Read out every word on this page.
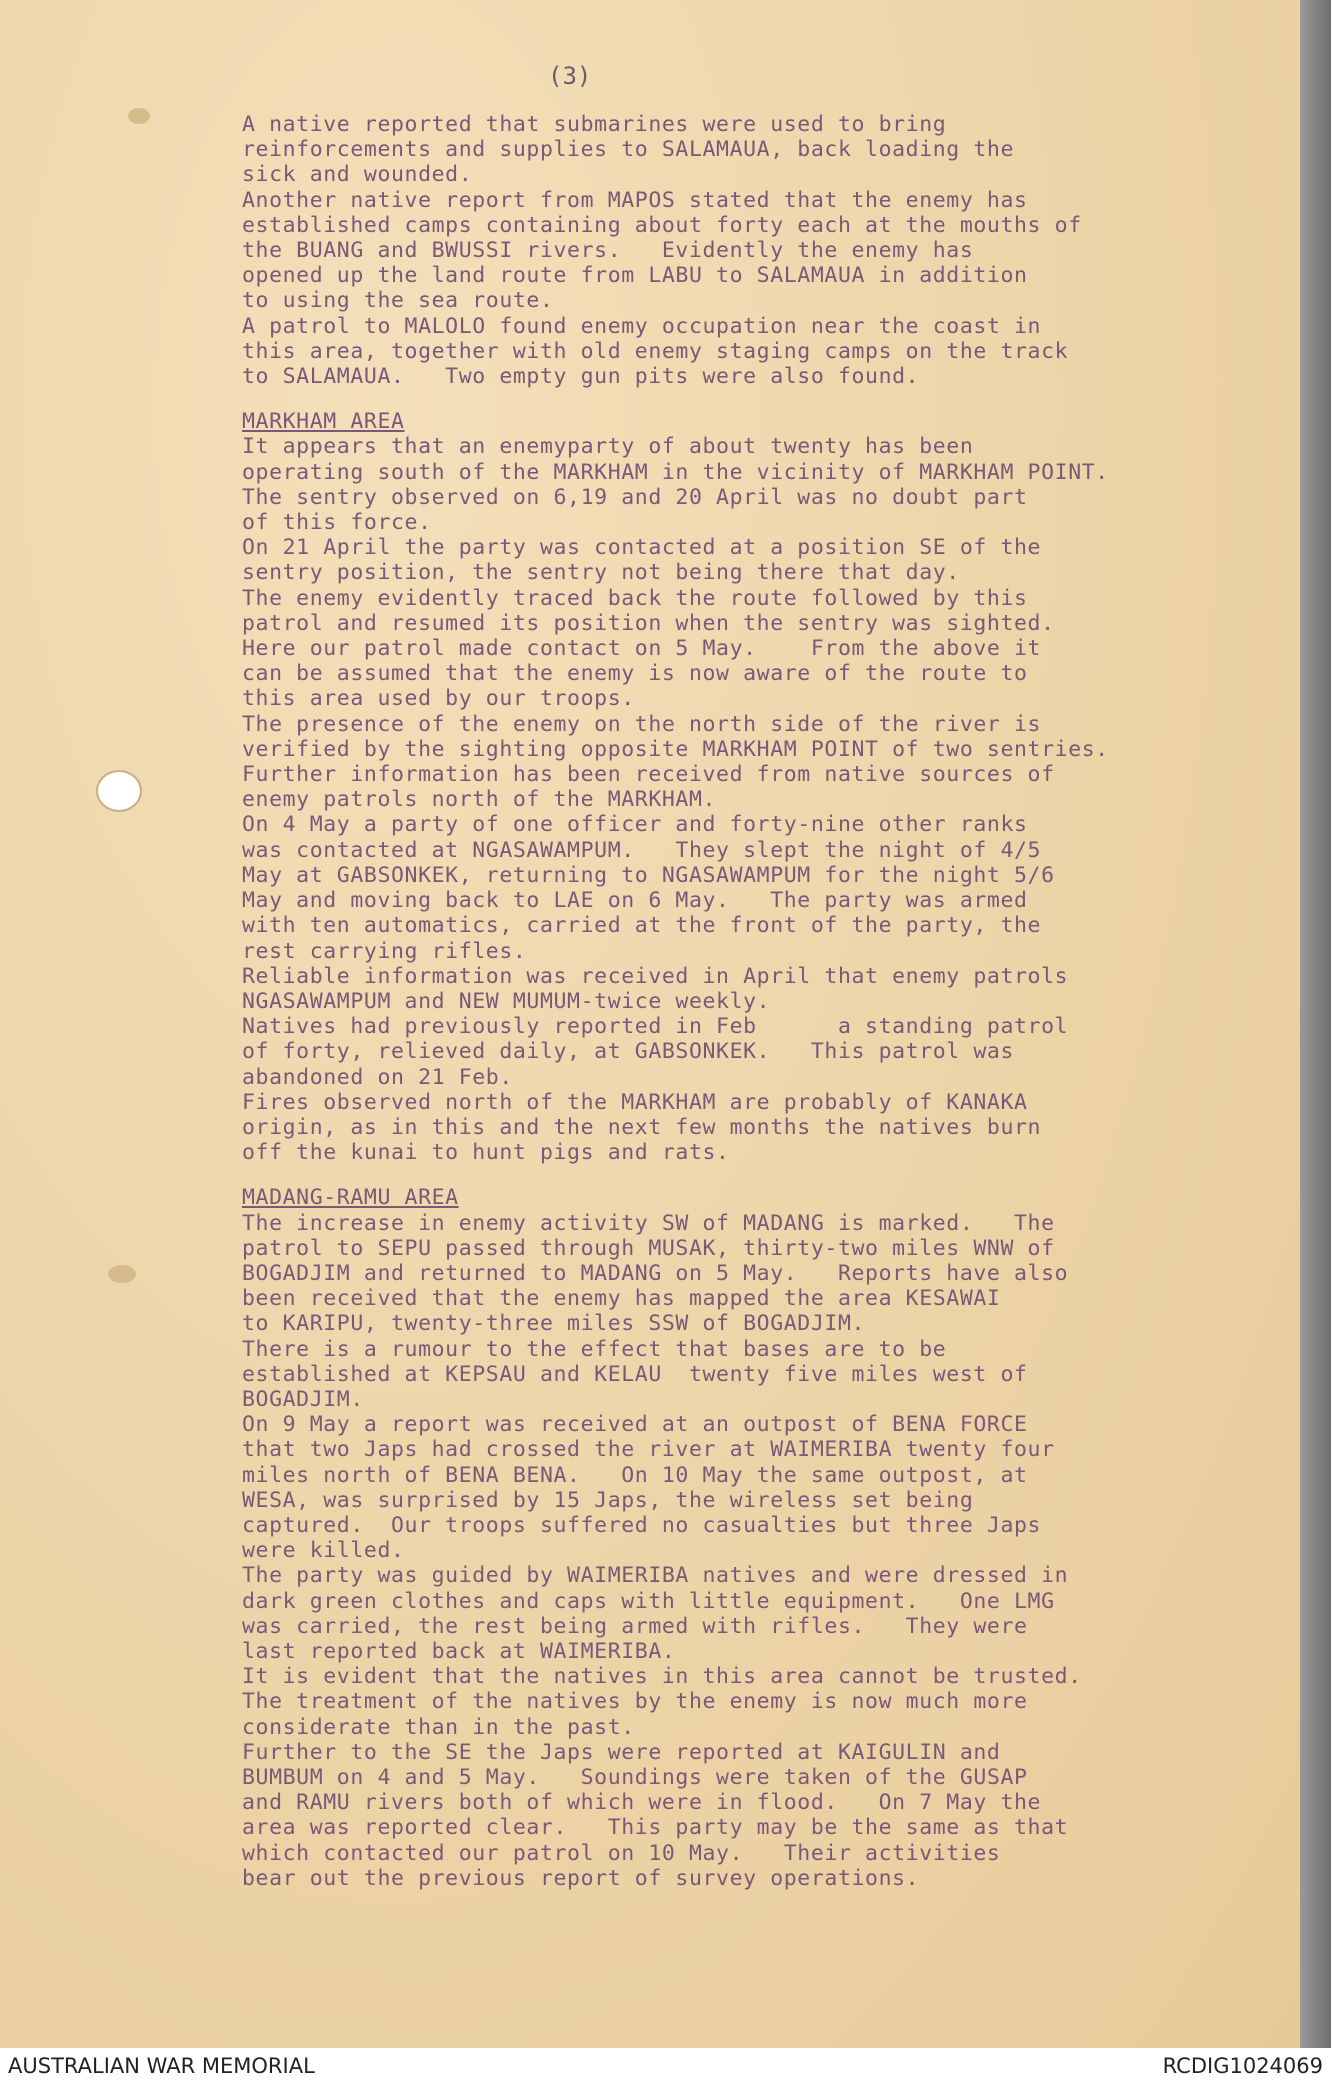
(3)
A native reported that submarines were used to bring
reinforcements and supplies to SALAMAUA, back loading the
sick and wounded.
Another native report from MAPOS stated that the enemy has
established camps containing about forty each at the mouths of
the BUANG and BWUSSI rivers.   Evidently the enemy has
opened up the land route from LABU to SALAMAUA in addition
to using the sea route.
A patrol to MALOLO found enemy occupation near the coast in
this area, together with old enemy staging camps on the track
to SALAMAUA.   Two empty gun pits were also found.
MARKHAM AREA
It appears that an enemyparty of about twenty has been
operating south of the MARKHAM in the vicinity of MARKHAM POINT.
The sentry observed on 6,19 and 20 April was no doubt part
of this force.
On 21 April the party was contacted at a position SE of the
sentry position, the sentry not being there that day.
The enemy evidently traced back the route followed by this
patrol and resumed its position when the sentry was sighted.
Here our patrol made contact on 5 May.    From the above it
can be assumed that the enemy is now aware of the route to
this area used by our troops.
The presence of the enemy on the north side of the river is
verified by the sighting opposite MARKHAM POINT of two sentries.
Further information has been received from native sources of
enemy patrols north of the MARKHAM.
On 4 May a party of one officer and forty-nine other ranks
was contacted at NGASAWAMPUM.   They slept the night of 4/5
May at GABSONKEK, returning to NGASAWAMPUM for the night 5/6
May and moving back to LAE on 6 May.   The party was armed
with ten automatics, carried at the front of the party, the
rest carrying rifles.
Reliable information was received in April that enemy patrols
NGASAWAMPUM and NEW MUMUM-twice weekly.
Natives had previously reported in Feb      a standing patrol
of forty, relieved daily, at GABSONKEK.   This patrol was
abandoned on 21 Feb.
Fires observed north of the MARKHAM are probably of KANAKA
origin, as in this and the next few months the natives burn
off the kunai to hunt pigs and rats.
MADANG-RAMU AREA
The increase in enemy activity SW of MADANG is marked.   The
patrol to SEPU passed through MUSAK, thirty-two miles WNW of
BOGADJIM and returned to MADANG on 5 May.   Reports have also
been received that the enemy has mapped the area KESAWAI
to KARIPU, twenty-three miles SSW of BOGADJIM.
There is a rumour to the effect that bases are to be
established at KEPSAU and KELAU  twenty five miles west of
BOGADJIM.
On 9 May a report was received at an outpost of BENA FORCE
that two Japs had crossed the river at WAIMERIBA twenty four
miles north of BENA BENA.   On 10 May the same outpost, at
WESA, was surprised by 15 Japs, the wireless set being
captured.  Our troops suffered no casualties but three Japs
were killed.
The party was guided by WAIMERIBA natives and were dressed in
dark green clothes and caps with little equipment.   One LMG
was carried, the rest being armed with rifles.   They were
last reported back at WAIMERIBA.
It is evident that the natives in this area cannot be trusted.
The treatment of the natives by the enemy is now much more
considerate than in the past.
Further to the SE the Japs were reported at KAIGULIN and
BUMBUM on 4 and 5 May.   Soundings were taken of the GUSAP
and RAMU rivers both of which were in flood.   On 7 May the
area was reported clear.   This party may be the same as that
which contacted our patrol on 10 May.   Their activities
bear out the previous report of survey operations.
AUSTRALIAN WAR MEMORIAL	RCDIG1024069
